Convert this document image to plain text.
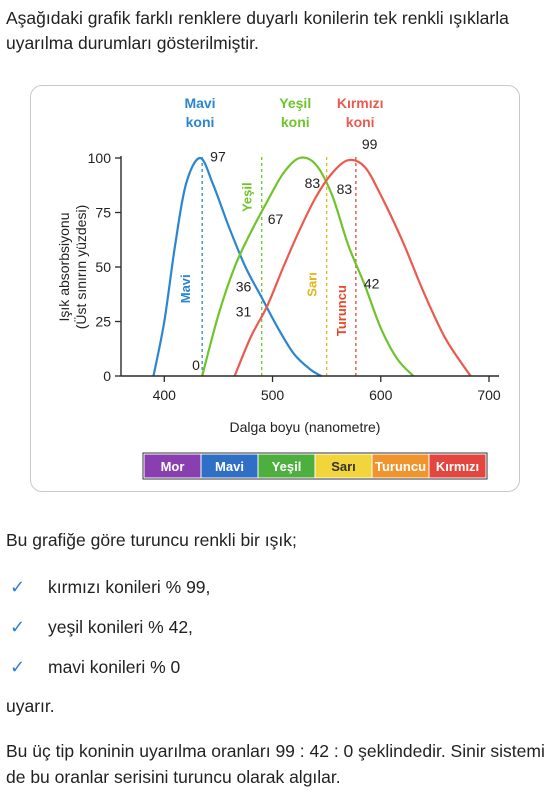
Aşağıdaki grafik farklı renklere duyarlı konilerin tek renkli ışıklarla uyarılma durumları gösterilmiştir.
0
25
50
75
100
400	500	600	700
Dalga boyu (nanometre)
Işık absorbsiyonu(Üst sınırın yüzdesi)
Mavi
koni
Yeşil
koni
Kırmızı
koni
Mavi
Yeşil
Sarı
Turuncu
97
67
36
31
0
83 83
99
42
Mor Mavi Yeşil Sarı Turuncu Kırmızı
Bu grafiğe göre turuncu renkli bir ışık;
✓	kırmızı konileri % 99,
✓	yeşil konileri % 42,
✓	mavi konileri % 0
uyarır.
Bu üç tip koninin uyarılma oranları 99 : 42 : 0 şeklindedir. Sinir sistemi de bu oranlar serisini turuncu olarak algılar.
